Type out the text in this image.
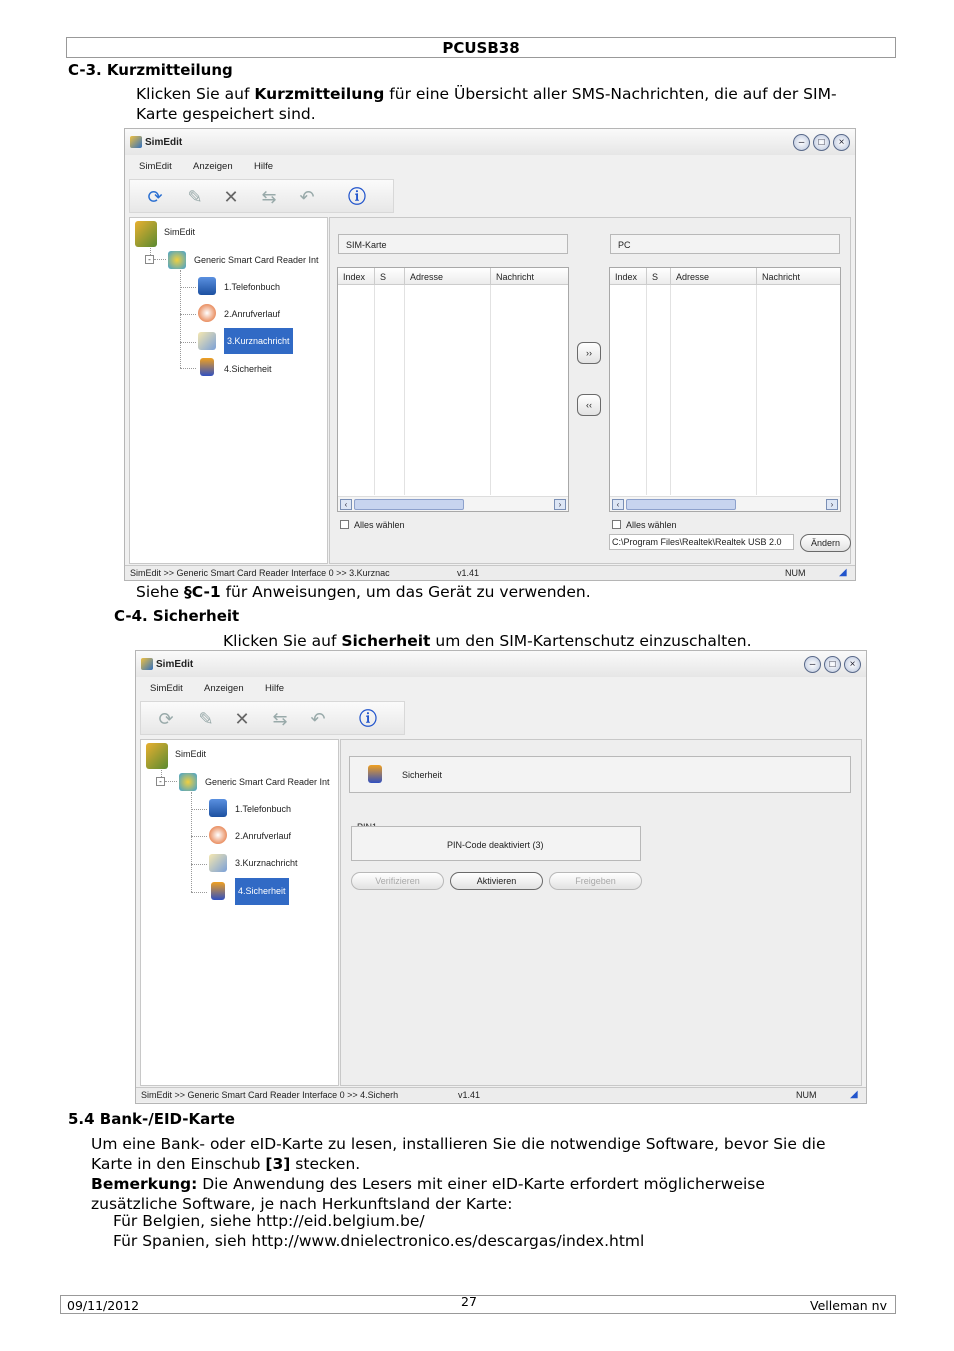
PCUSB38
C-3. Kurzmitteilung
Klicken Sie auf Kurzmitteilung für eine Übersicht aller SMS-Nachrichten, die auf der SIM-
Karte gespeichert sind.
SimEdit	–	□	×
SimEdit Anzeigen Hilfe
⟳ ✎ ✕ ⇆ ↶ ⓘ
SimEdit
-	Generic Smart Card Reader Int
1.Telefonbuch
2.Anrufverlauf
3.Kurznachricht
4.Sicherheit
SIM-Karte	PC
Index	S	Adresse	Nachricht
‹	›
Index	S	Adresse	Nachricht
‹	›
››
‹‹
Alles wählen	Alles wählen
C:\Program Files\Realtek\Realtek USB 2.0	Ändern
SimEdit >> Generic Smart Card Reader Interface 0 >> 3.Kurznac	v1.41	NUM	◢
Siehe §C-1 für Anweisungen, um das Gerät zu verwenden.
C-4. Sicherheit
Klicken Sie auf Sicherheit um den SIM-Kartenschutz einzuschalten.
SimEdit	–	□	×
SimEdit Anzeigen Hilfe
⟳ ✎ ✕ ⇆ ↶ ⓘ
SimEdit
-	Generic Smart Card Reader Int
1.Telefonbuch
2.Anrufverlauf
3.Kurznachricht
4.Sicherheit
Sicherheit
PIN-Code deaktiviert (3)
Verifizieren	Aktivieren	Freigeben
SimEdit >> Generic Smart Card Reader Interface 0 >> 4.Sicherh	v1.41	NUM	◢
5.4 Bank-/EID-Karte
Um eine Bank- oder eID-Karte zu lesen, installieren Sie die notwendige Software, bevor Sie die
Karte in den Einschub [3] stecken.
Bemerkung: Die Anwendung des Lesers mit einer eID-Karte erfordert möglicherweise
zusätzliche Software, je nach Herkunftsland der Karte:
Für Belgien, siehe http://eid.belgium.be/
Für Spanien, sieh http://www.dnielectronico.es/descargas/index.html
09/11/2012	27	Velleman nv
